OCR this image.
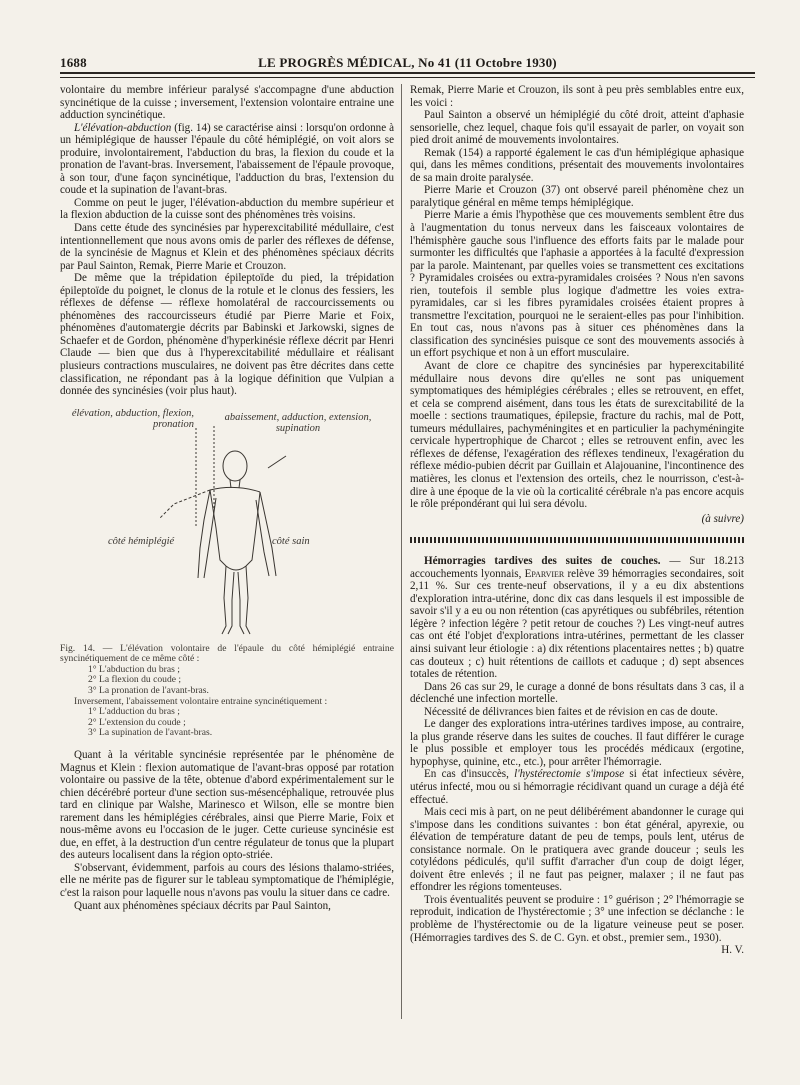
1688	LE PROGRÈS MÉDICAL, No 41 (11 Octobre 1930)

volontaire du membre inférieur paralysé s'accompagne d'une abduction syncinétique de la cuisse ; inversement, l'extension volontaire entraine une adduction syncinétique.

L'élévation-abduction (fig. 14) se caractérise ainsi : lorsqu'on ordonne à un hémiplégique de hausser l'épaule du côté hémiplégié, on voit alors se produire, involontairement, l'abduction du bras, la flexion du coude et la pronation de l'avant-bras. Inversement, l'abaissement de l'épaule provoque, à son tour, d'une façon syncinétique, l'adduction du bras, l'extension du coude et la supination de l'avant-bras.

Comme on peut le juger, l'élévation-abduction du membre supérieur et la flexion abduction de la cuisse sont des phénomènes très voisins.

Dans cette étude des syncinésies par hyperexcitabilité médullaire, c'est intentionnellement que nous avons omis de parler des réflexes de défense, de la syncinésie de Magnus et Klein et des phénomènes spéciaux décrits par Paul Sainton, Remak, Pierre Marie et Crouzon.

De même que la trépidation épileptoïde du pied, la trépidation épileptoïde du poignet, le clonus de la rotule et le clonus des fessiers, les réflexes de défense — réflexe homolatéral de raccourcissements ou phénomènes des raccourcisseurs étudié par Pierre Marie et Foix, phénomènes d'automatergie décrits par Babinski et Jarkowski, signes de Schaefer et de Gordon, phénomène d'hyperkinésie réflexe décrit par Henri Claude — bien que dus à l'hyperexcitabilité médullaire et réalisant plusieurs contractions musculaires, ne doivent pas être décrites dans cette classification, ne répondant pas à la logique définition que Vulpian a donnée des syncinésies (voir plus haut).

élévation, abduction, flexion, pronation
abaissement, adduction, extension, supination
côté hémiplégié	côté sain
Fig. 14. — L'élévation volontaire de l'épaule du côté hémiplégié entraine syncinétiquement de ce même côté :
1° L'abduction du bras ;
2° La flexion du coude ;
3° La pronation de l'avant-bras.
Inversement, l'abaissement volontaire entraine syncinétiquement :
1° L'adduction du bras ;
2° L'extension du coude ;
3° La supination de l'avant-bras.

Quant à la véritable syncinésie représentée par le phénomène de Magnus et Klein : flexion automatique de l'avant-bras opposé par rotation volontaire ou passive de la tête, obtenue d'abord expérimentalement sur le chien décérébré porteur d'une section sus-mésencéphalique, retrouvée plus tard en clinique par Walshe, Marinesco et Wilson, elle se montre bien rarement dans les hémiplégies cérébrales, ainsi que Pierre Marie, Foix et nous-même avons eu l'occasion de le juger. Cette curieuse syncinésie est due, en effet, à la destruction d'un centre régulateur de tonus que la plupart des auteurs localisent dans la région opto-striée.

S'observant, évidemment, parfois au cours des lésions thalamo-striées, elle ne mérite pas de figurer sur le tableau symptomatique de l'hémiplégie, c'est la raison pour laquelle nous n'avons pas voulu la situer dans ce cadre.

Quant aux phénomènes spéciaux décrits par Paul Sainton,

Remak, Pierre Marie et Crouzon, ils sont à peu près semblables entre eux, les voici :

Paul Sainton a observé un hémiplégié du côté droit, atteint d'aphasie sensorielle, chez lequel, chaque fois qu'il essayait de parler, on voyait son pied droit animé de mouvements involontaires.

Remak (154) a rapporté également le cas d'un hémiplégique aphasique qui, dans les mêmes conditions, présentait des mouvements involontaires de sa main droite paralysée.

Pierre Marie et Crouzon (37) ont observé pareil phénomène chez un paralytique général en même temps hémiplégique.

Pierre Marie a émis l'hypothèse que ces mouvements semblent être dus à l'augmentation du tonus nerveux dans les faisceaux volontaires de l'hémisphère gauche sous l'influence des efforts faits par le malade pour surmonter les difficultés que l'aphasie a apportées à la faculté d'expression par la parole. Maintenant, par quelles voies se transmettent ces excitations ? Pyramidales croisées ou extra-pyramidales croisées ? Nous n'en savons rien, toutefois il semble plus logique d'admettre les voies extra-pyramidales, car si les fibres pyramidales croisées étaient propres à transmettre l'excitation, pourquoi ne le seraient-elles pas pour l'inhibition. En tout cas, nous n'avons pas à situer ces phénomènes dans la classification des syncinésies puisque ce sont des mouvements associés à un effort psychique et non à un effort musculaire.

Avant de clore ce chapitre des syncinésies par hyperexcitabilité médullaire nous devons dire qu'elles ne sont pas uniquement symptomatiques des hémiplégies cérébrales ; elles se retrouvent, en effet, et cela se comprend aisément, dans tous les états de surexcitabilité de la moelle : sections traumatiques, épilepsie, fracture du rachis, mal de Pott, tumeurs médullaires, pachyméningites et en particulier la pachyméningite cervicale hypertrophique de Charcot ; elles se retrouvent enfin, avec les réflexes de défense, l'exagération des réflexes tendineux, l'exagération du réflexe médio-pubien décrit par Guillain et Alajouanine, l'incontinence des matières, les clonus et l'extension des orteils, chez le nourrisson, c'est-à-dire à une époque de la vie où la corticalité cérébrale n'a pas encore acquis le rôle prépondérant qui lui sera dévolu.

(à suivre)

Hémorragies tardives des suites de couches. — Sur 18.213 accouchements lyonnais, Eparvier relève 39 hémorragies secondaires, soit 2,11 %. Sur ces trente-neuf observations, il y a eu dix abstentions d'exploration intra-utérine, donc dix cas dans lesquels il est impossible de savoir s'il y a eu ou non rétention (cas apyrétiques ou subfébriles, rétention légère ? infection légère ? petit retour de couches ?) Les vingt-neuf autres cas ont été l'objet d'explorations intra-utérines, permettant de les classer ainsi suivant leur étiologie : a) dix rétentions placentaires nettes ; b) quatre cas douteux ; c) huit rétentions de caillots et caduque ; d) sept absences totales de rétention.

Dans 26 cas sur 29, le curage a donné de bons résultats dans 3 cas, il a déclenché une infection mortelle.

Nécessité de délivrances bien faites et de révision en cas de doute.

Le danger des explorations intra-utérines tardives impose, au contraire, la plus grande réserve dans les suites de couches. Il faut différer le curage le plus possible et employer tous les procédés médicaux (ergotine, hypophyse, quinine, etc., etc.), pour arrêter l'hémorragie.

En cas d'insuccès, l'hystérectomie s'impose si état infectieux sévère, utérus infecté, mou ou si hémorragie récidivant quand un curage a déjà été effectué.

Mais ceci mis à part, on ne peut délibérément abandonner le curage qui s'impose dans les conditions suivantes : bon état général, apyrexie, ou élévation de température datant de peu de temps, pouls lent, utérus de consistance normale. On le pratiquera avec grande douceur ; seuls les cotylédons pédiculés, qu'il suffit d'arracher d'un coup de doigt léger, doivent être enlevés ; il ne faut pas peigner, malaxer ; il ne faut pas effondrer les régions tomenteuses.

Trois éventualités peuvent se produire : 1° guérison ; 2° l'hémorragie se reproduit, indication de l'hystérectomie ; 3° une infection se déclanche : le problème de l'hystérectomie ou de la ligature veineuse peut se poser. (Hémorragies tardives des S. de C. Gyn. et obst., premier sem., 1930).

H. V.
